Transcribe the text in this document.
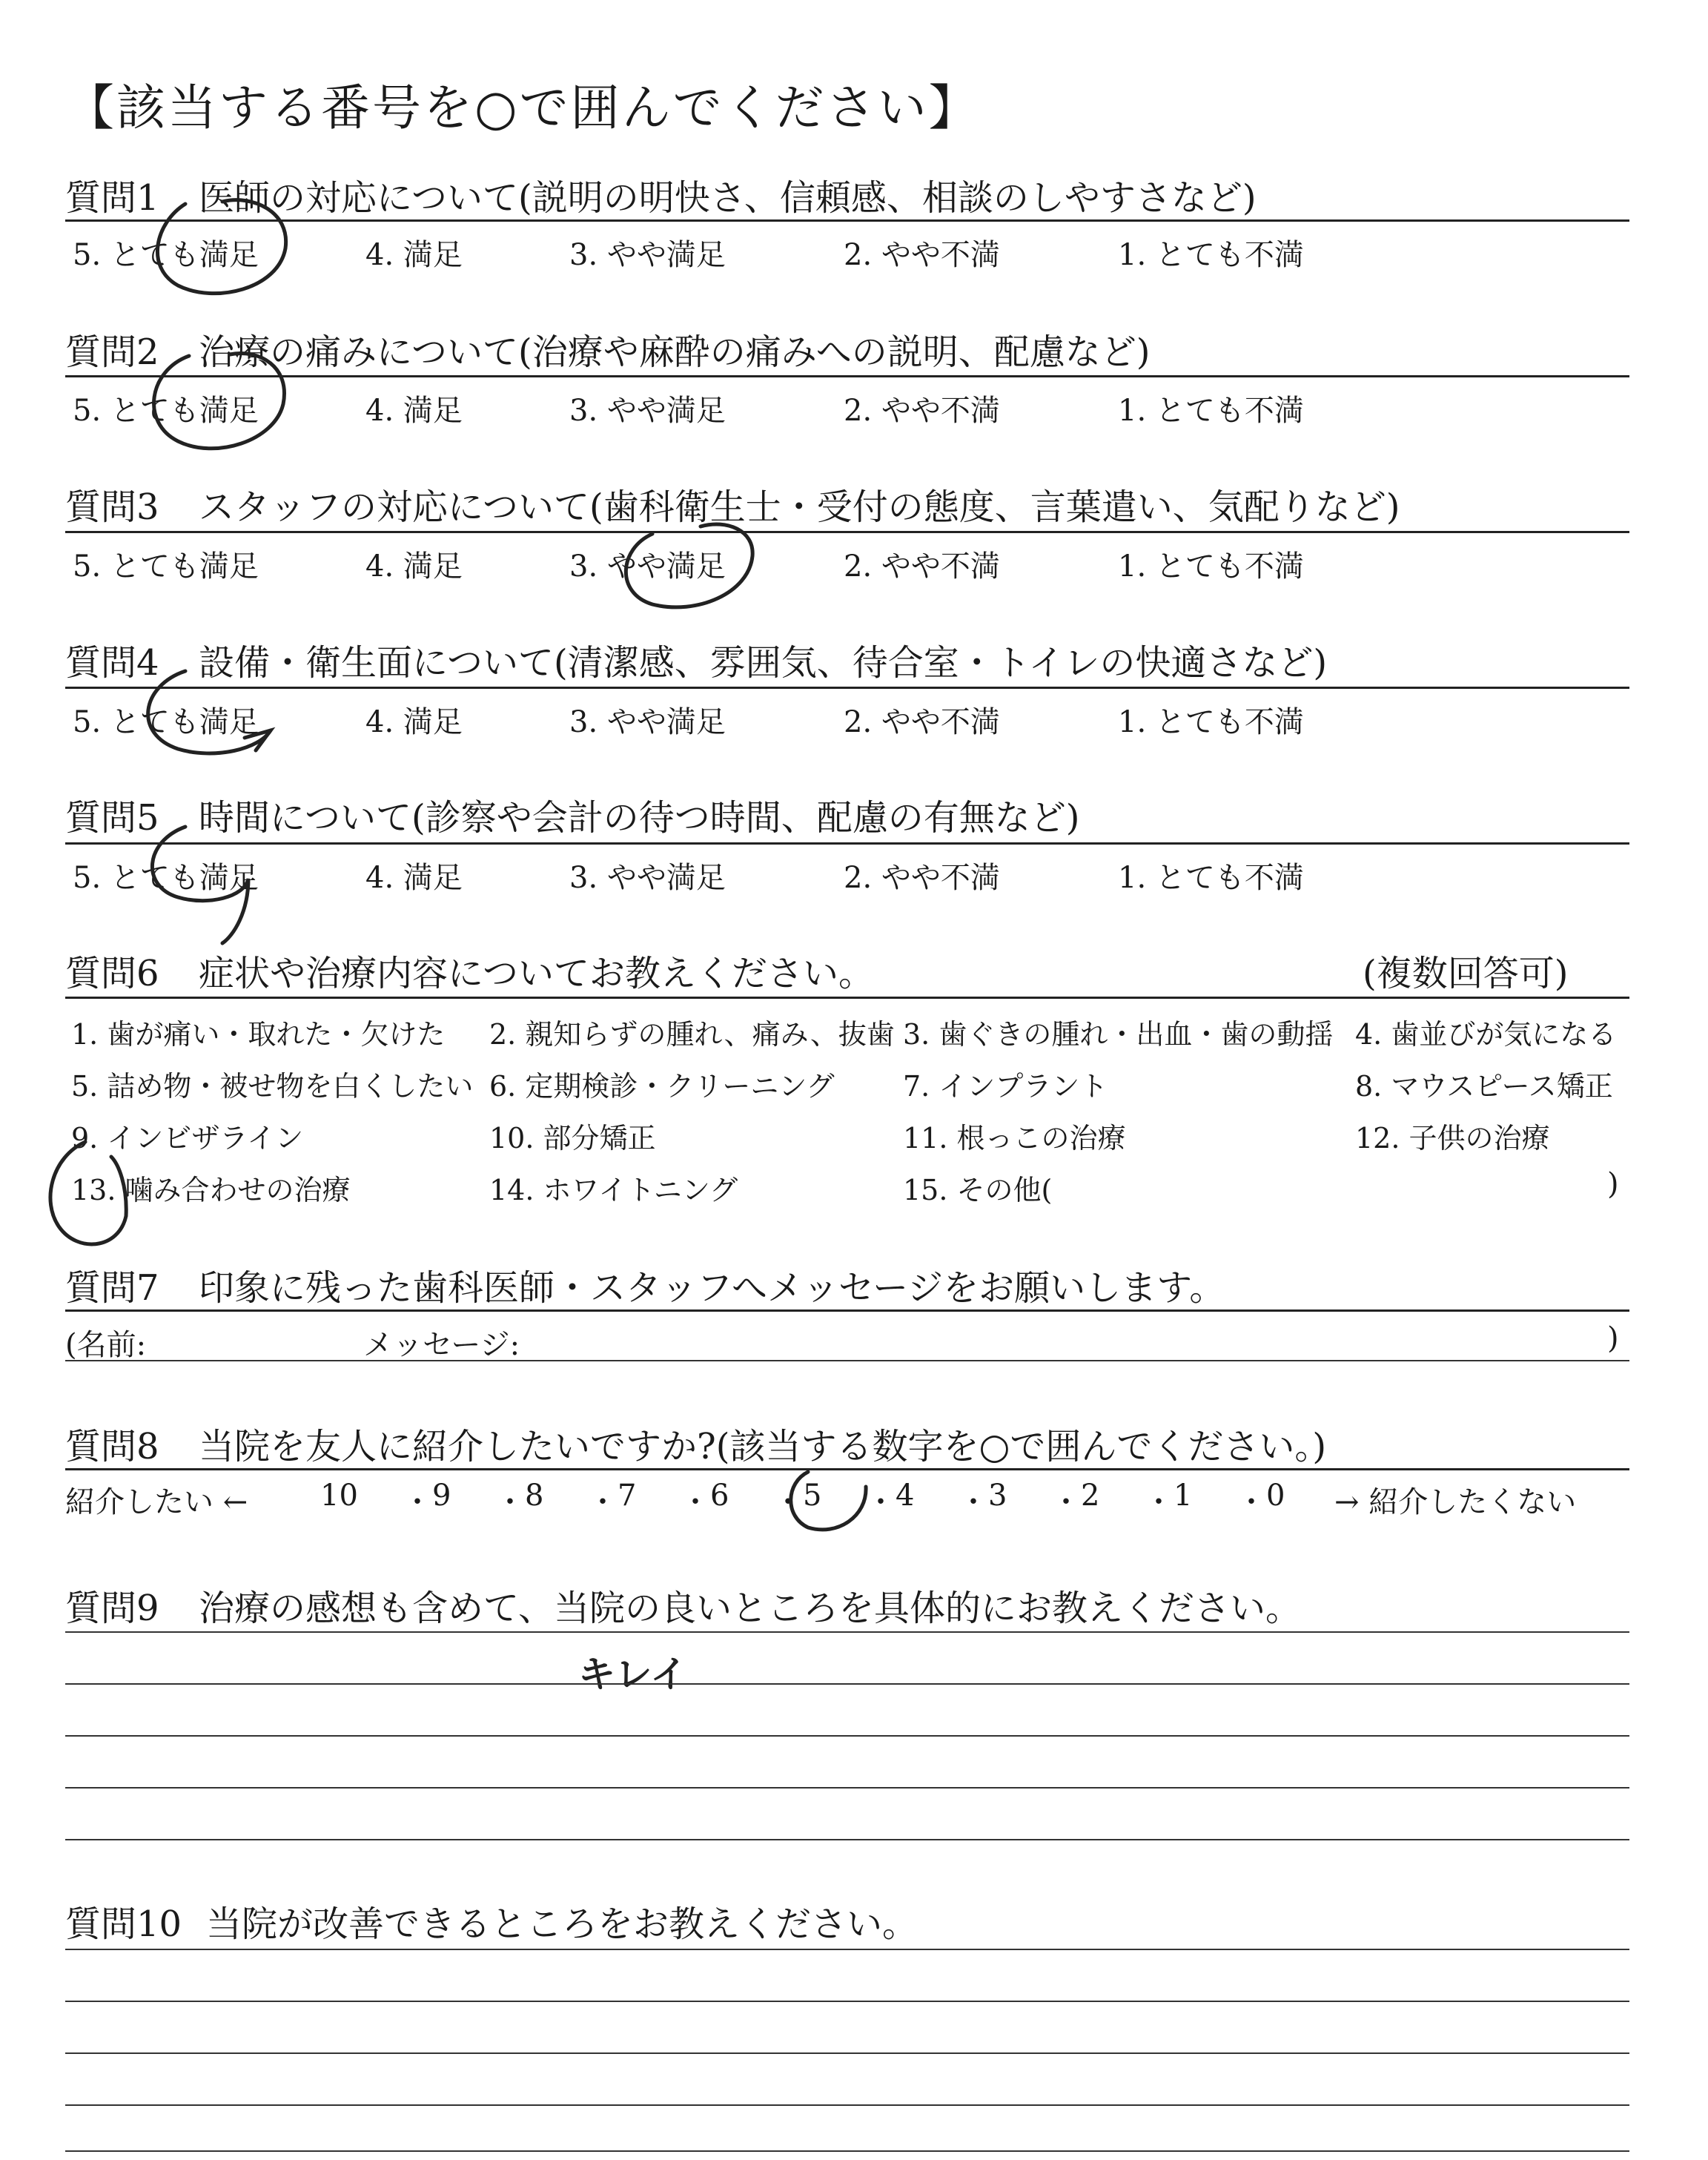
【該当する番号を○で囲んでください】
質問1 医師の対応について(説明の明快さ、信頼感、相談のしやすさなど)
5. とても満足	4. 満足	3. やや満足	2. やや不満	1. とても不満
質問2 治療の痛みについて(治療や麻酔の痛みへの説明、配慮など)
5. とても満足	4. 満足	3. やや満足	2. やや不満	1. とても不満
質問3 スタッフの対応について(歯科衛生士・受付の態度、言葉遣い、気配りなど)
5. とても満足	4. 満足	3. やや満足	2. やや不満	1. とても不満
質問4 設備・衛生面について(清潔感、雰囲気、待合室・トイレの快適さなど)
5. とても満足	4. 満足	3. やや満足	2. やや不満	1. とても不満
質問5 時間について(診察や会計の待つ時間、配慮の有無など)
5. とても満足	4. 満足	3. やや満足	2. やや不満	1. とても不満
質問6 症状や治療内容についてお教えください。	(複数回答可)
1. 歯が痛い・取れた・欠けた 2. 親知らずの腫れ、痛み、抜歯 3. 歯ぐきの腫れ・出血・歯の動揺 4. 歯並びが気になる
5. 詰め物・被せ物を白くしたい 6. 定期検診・クリーニング 7. インプラント	8. マウスピース矯正
9. インビザライン	10. 部分矯正	11. 根っこの治療	12. 子供の治療
13. 噛み合わせの治療	14. ホワイトニング	15. その他(	)
質問7 印象に残った歯科医師・スタッフへメッセージをお願いします。
(名前:	メッセージ:	)
質問8 当院を友人に紹介したいですか?(該当する数字を○で囲んでください。)
紹介したい ← 10 ・ 9 ・ 8 ・ 7 ・ 6 ・ 5 ・ 4 ・ 3 ・ 2 ・ 1 ・ 0 → 紹介したくない
質問9 治療の感想も含めて、当院の良いところを具体的にお教えください。
キレイ
質問10 当院が改善できるところをお教えください。
